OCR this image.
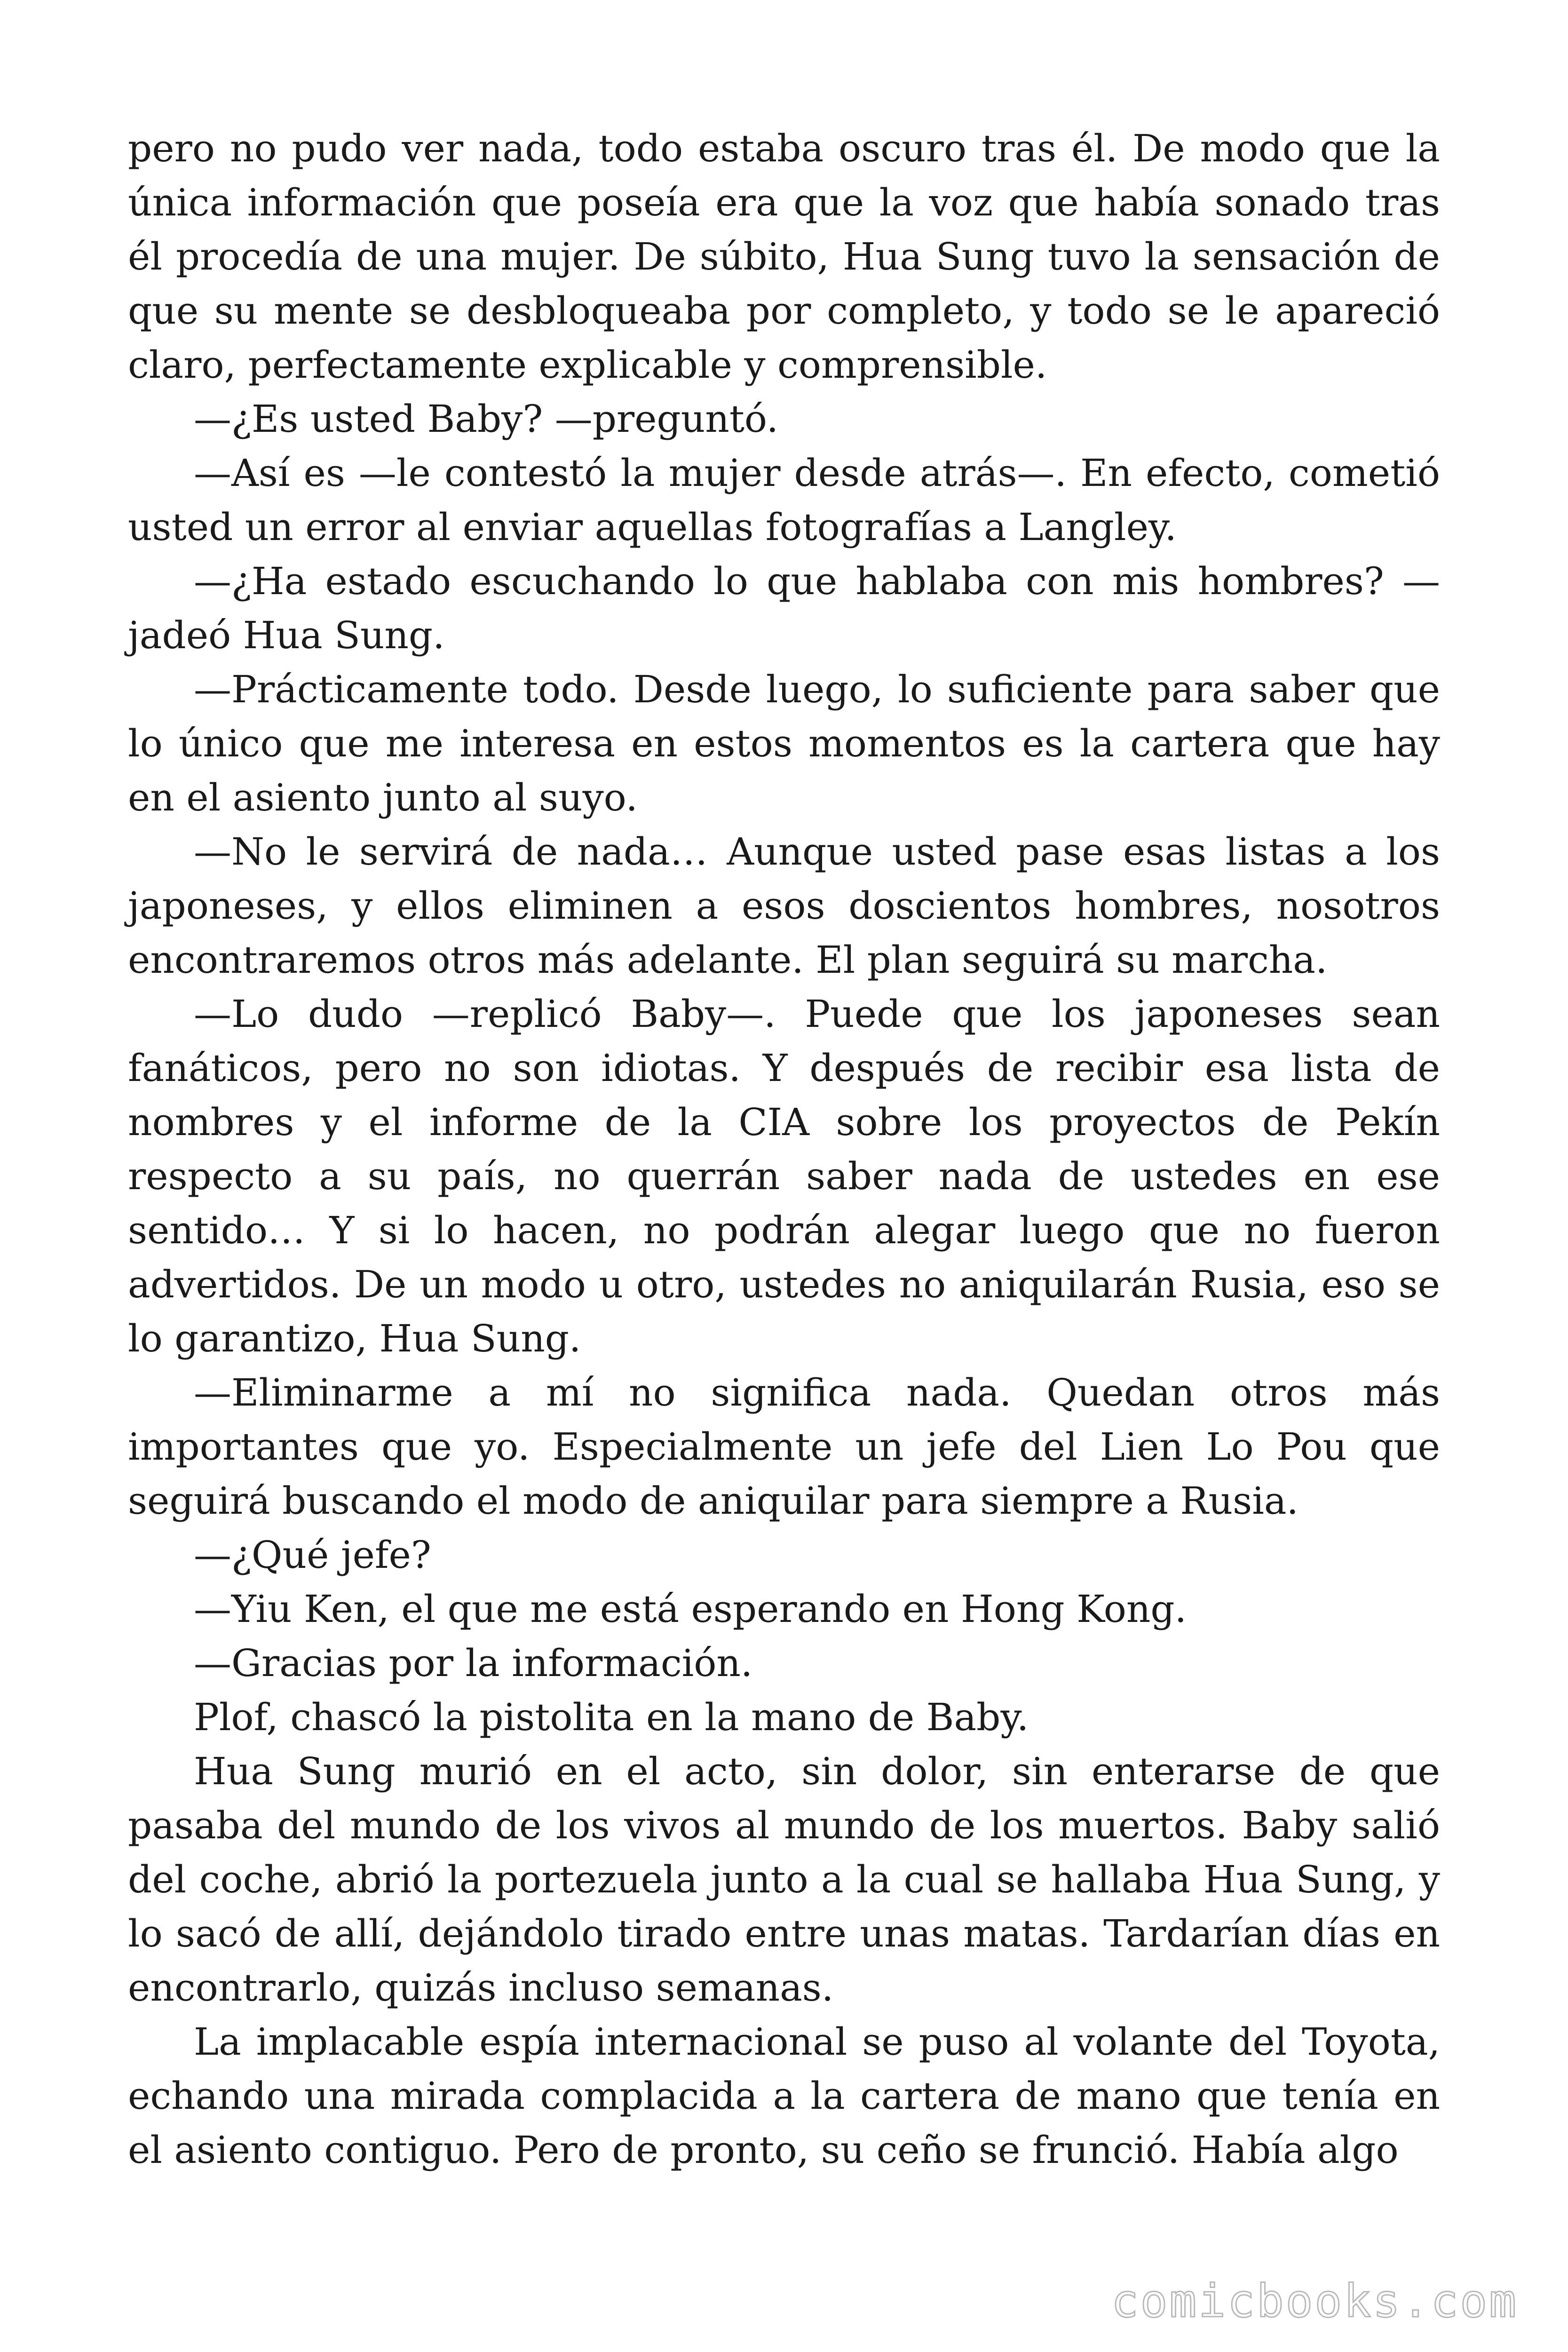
pero no pudo ver nada, todo estaba oscuro tras él. De modo que la única información que poseía era que la voz que había sonado tras él procedía de una mujer. De súbito, Hua Sung tuvo la sensación de que su mente se desbloqueaba por completo, y todo se le apareció claro, perfectamente explicable y comprensible.

—¿Es usted Baby? —preguntó.

—Así es —le contestó la mujer desde atrás—. En efecto, cometió usted un error al enviar aquellas fotografías a Langley.

—¿Ha estado escuchando lo que hablaba con mis hombres? —jadeó Hua Sung.

—Prácticamente todo. Desde luego, lo suficiente para saber que lo único que me interesa en estos momentos es la cartera que hay en el asiento junto al suyo.

—No le servirá de nada… Aunque usted pase esas listas a los japoneses, y ellos eliminen a esos doscientos hombres, nosotros encontraremos otros más adelante. El plan seguirá su marcha.

—Lo dudo —replicó Baby—. Puede que los japoneses sean fanáticos, pero no son idiotas. Y después de recibir esa lista de nombres y el informe de la CIA sobre los proyectos de Pekín respecto a su país, no querrán saber nada de ustedes en ese sentido… Y si lo hacen, no podrán alegar luego que no fueron advertidos. De un modo u otro, ustedes no aniquilarán Rusia, eso se lo garantizo, Hua Sung.

—Eliminarme a mí no significa nada. Quedan otros más importantes que yo. Especialmente un jefe del Lien Lo Pou que seguirá buscando el modo de aniquilar para siempre a Rusia.

—¿Qué jefe?

—Yiu Ken, el que me está esperando en Hong Kong.

—Gracias por la información.

Plof, chascó la pistolita en la mano de Baby.

Hua Sung murió en el acto, sin dolor, sin enterarse de que pasaba del mundo de los vivos al mundo de los muertos. Baby salió del coche, abrió la portezuela junto a la cual se hallaba Hua Sung, y lo sacó de allí, dejándolo tirado entre unas matas. Tardarían días en encontrarlo, quizás incluso semanas.

La implacable espía internacional se puso al volante del Toyota, echando una mirada complacida a la cartera de mano que tenía en el asiento contiguo. Pero de pronto, su ceño se frunció. Había algo

comicbooks.com
